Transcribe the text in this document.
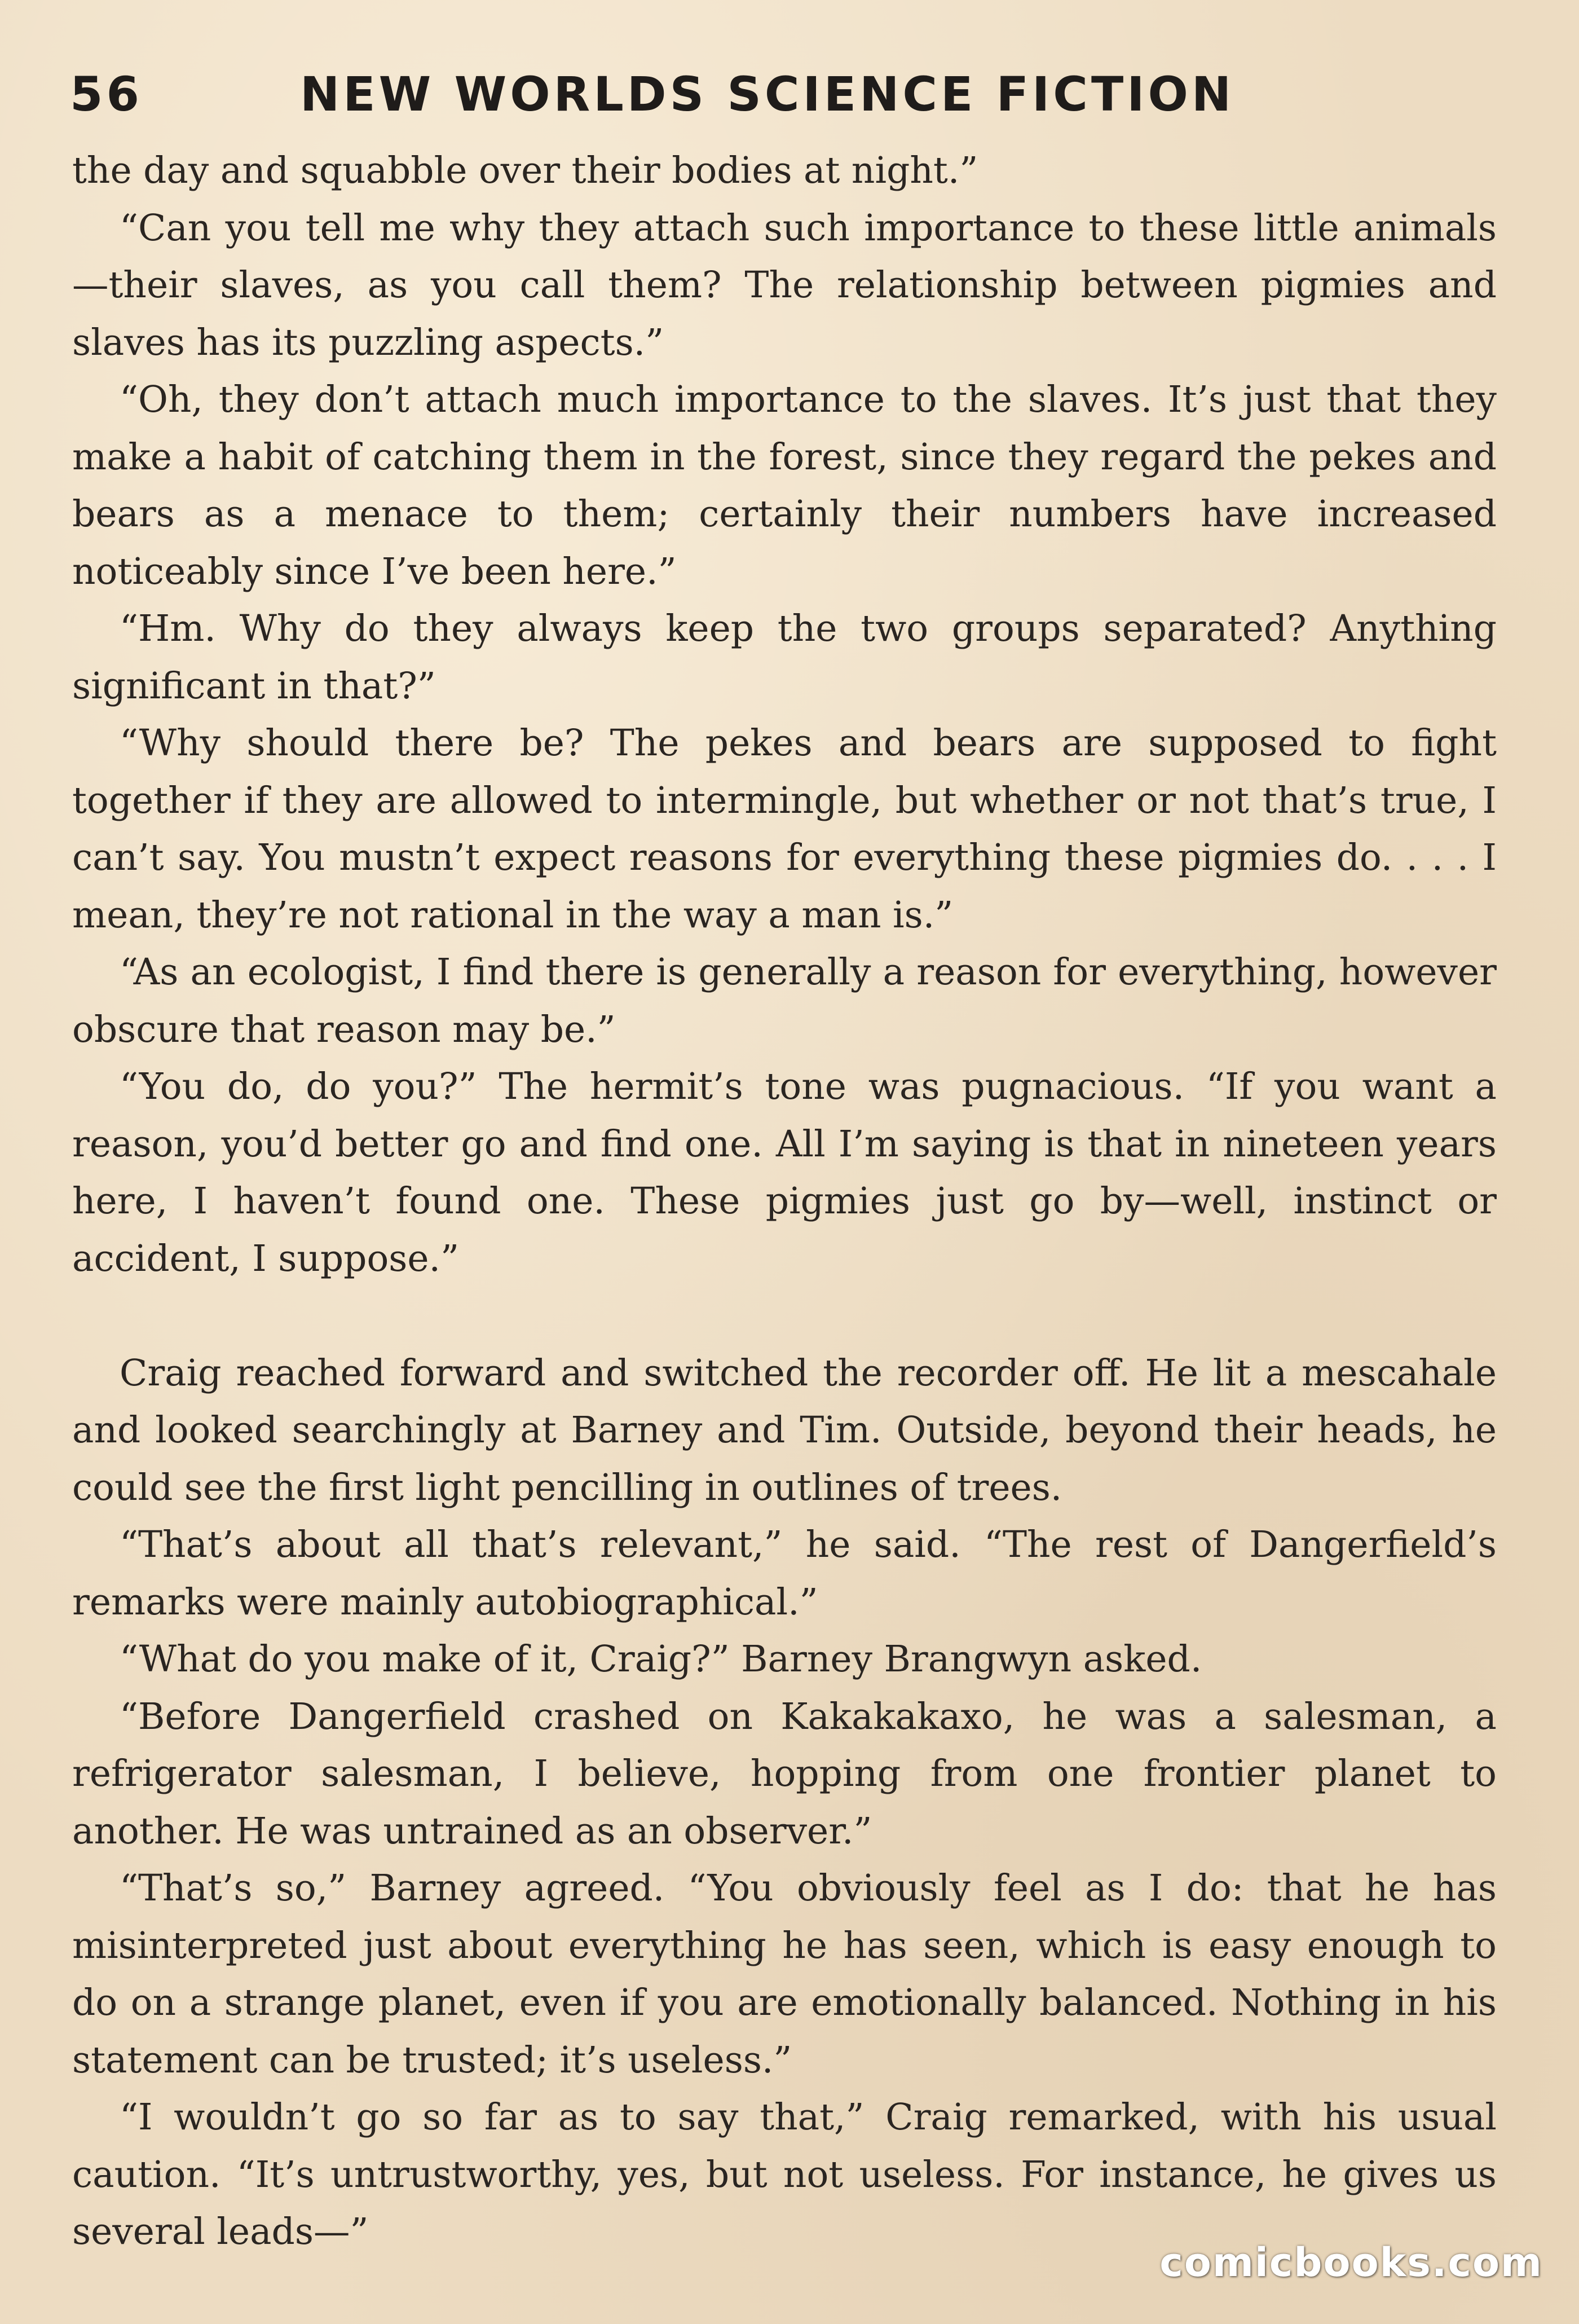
56	NEW WORLDS SCIENCE FICTION

the day and squabble over their bodies at night.”

“Can you tell me why they attach such importance to these little animals—their slaves, as you call them? The relationship between pigmies and slaves has its puzzling aspects.”

“Oh, they don’t attach much importance to the slaves. It’s just that they make a habit of catching them in the forest, since they regard the pekes and bears as a menace to them; certainly their numbers have increased noticeably since I’ve been here.”

“Hm. Why do they always keep the two groups separated? Anything significant in that?”

“Why should there be? The pekes and bears are supposed to fight together if they are allowed to intermingle, but whether or not that’s true, I can’t say. You mustn’t expect reasons for everything these pigmies do. . . . I mean, they’re not rational in the way a man is.”

“As an ecologist, I find there is generally a reason for everything, however obscure that reason may be.”

“You do, do you?” The hermit’s tone was pugnacious. “If you want a reason, you’d better go and find one. All I’m saying is that in nineteen years here, I haven’t found one. These pigmies just go by—well, instinct or accident, I suppose.”

Craig reached forward and switched the recorder off. He lit a mescahale and looked searchingly at Barney and Tim. Outside, beyond their heads, he could see the first light pencilling in outlines of trees.

“That’s about all that’s relevant,” he said. “The rest of Dangerfield’s remarks were mainly autobiographical.”

“What do you make of it, Craig?” Barney Brangwyn asked.

“Before Dangerfield crashed on Kakakakaxo, he was a salesman, a refrigerator salesman, I believe, hopping from one frontier planet to another. He was untrained as an observer.”

“That’s so,” Barney agreed. “You obviously feel as I do: that he has misinterpreted just about everything he has seen, which is easy enough to do on a strange planet, even if you are emotionally balanced. Nothing in his statement can be trusted; it’s useless.”

“I wouldn’t go so far as to say that,” Craig remarked, with his usual caution. “It’s untrustworthy, yes, but not useless. For instance, he gives us several leads—”

comicbooks.com
